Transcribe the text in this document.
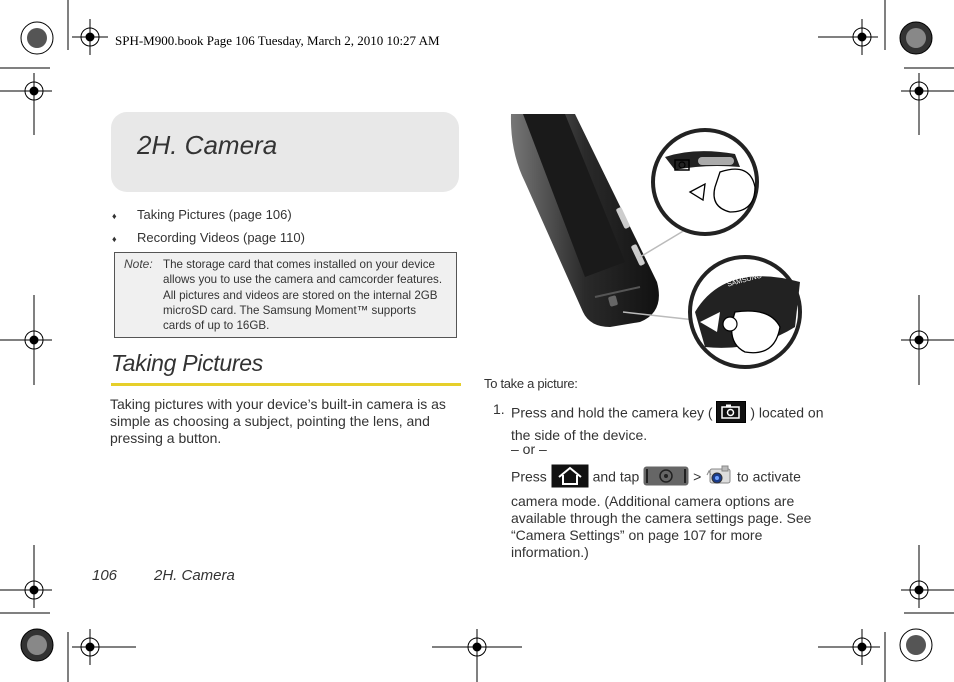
SPH-M900.book Page 106 Tuesday, March 2, 2010 10:27 AM
2H. Camera
♦ Taking Pictures (page 106)
♦ Recording Videos (page 110)
Note: The storage card that comes installed on your device
allows you to use the camera and camcorder features.
All pictures and videos are stored on the internal 2GB
microSD card. The Samsung Moment™ supports
cards of up to 16GB.
Taking Pictures
Taking pictures with your device’s built-in camera is as
simple as choosing a subject, pointing the lens, and
pressing a button.
SAMSUNG
To take a picture:
1. Press and hold the camera key (	) located on
the side of the device.
– or –
Press	and tap	>	to activate
camera mode. (Additional camera options are
available through the camera settings page. See
“Camera Settings” on page 107 for more
information.)
106 2H. Camera
